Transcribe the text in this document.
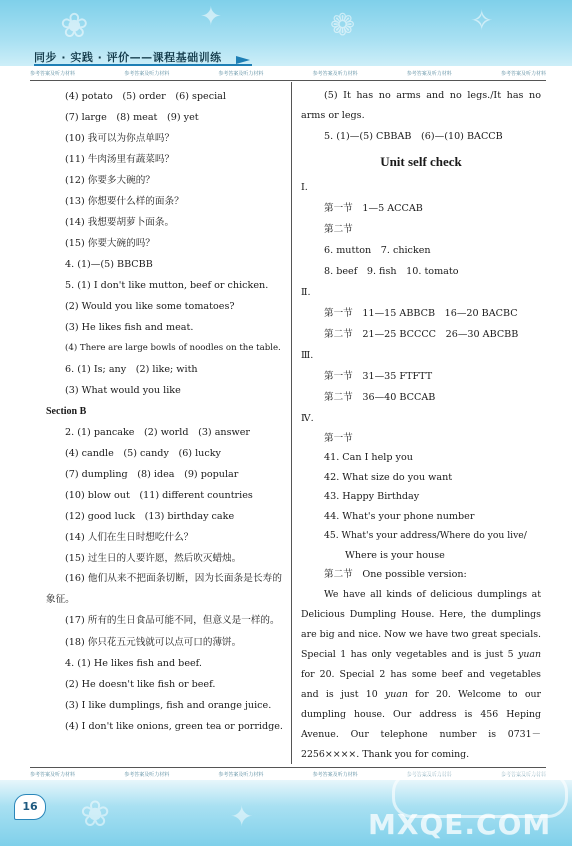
❀	✦	❁	✧
同步 · 实践 · 评价——课程基础训练
参考答案及听力材料	参考答案及听力材料	参考答案及听力材料	参考答案及听力材料	参考答案及听力材料	参考答案及听力材料
(4) potato　(5) order　(6) special
(7) large　(8) meat　(9) yet
(10) 我可以为你点单吗？
(11) 牛肉汤里有蔬菜吗？
(12) 你要多大碗的？
(13) 你想要什么样的面条？
(14) 我想要胡萝卜面条。
(15) 你要大碗的吗？
4. (1)—(5) BBCBB
5. (1) I don't like mutton, beef or chicken.
(2) Would you like some tomatoes?
(3) He likes fish and meat.
(4) There are large bowls of noodles on the table.
6. (1) Is; any　(2) like; with
(3) What would you like
Section B
2. (1) pancake　(2) world　(3) answer
(4) candle　(5) candy　(6) lucky
(7) dumpling　(8) idea　(9) popular
(10) blow out　(11) different countries
(12) good luck　(13) birthday cake
(14) 人们在生日时想吃什么？
(15) 过生日的人要许愿，然后吹灭蜡烛。
(16) 他们从来不把面条切断，因为长面条是长寿的象征。
(17) 所有的生日食品可能不同，但意义是一样的。
(18) 你只花五元钱就可以点可口的薄饼。
4. (1) He likes fish and beef.
(2) He doesn't like fish or beef.
(3) I like dumplings, fish and orange juice.
(4) I don't like onions, green tea or porridge.
(5) It has no arms and no legs./It has no arms or legs.
5. (1)—(5) CBBAB　(6)—(10) BACCB
Unit self check
Ⅰ.
第一节　1—5 ACCAB
第二节
6. mutton　7. chicken
8. beef　9. fish　10. tomato
Ⅱ.
第一节　11—15 ABBCB　16—20 BACBC
第二节　21—25 BCCCC　26—30 ABCBB
Ⅲ.
第一节　31—35 FTFTT
第二节　36—40 BCCAB
Ⅳ.
第一节
41. Can I help you
42. What size do you want
43. Happy Birthday
44. What's your phone number
45. What's your address/Where do you live/
Where is your house
第二节　One possible version:
We have all kinds of delicious dumplings at Delicious Dumpling House. Here, the dumplings are big and nice. Now we have two great specials. Special 1 has only vegetables and is just 5 yuan for 20. Special 2 has some beef and vegetables and is just 10 yuan for 20. Welcome to our dumpling house. Our address is 456 Heping Avenue. Our telephone number is 0731－2256××××. Thank you for coming.
参考答案及听力材料	参考答案及听力材料	参考答案及听力材料	参考答案及听力材料	参考答案及听力材料	参考答案及听力材料
❀	✦
16
MXQE.COM
